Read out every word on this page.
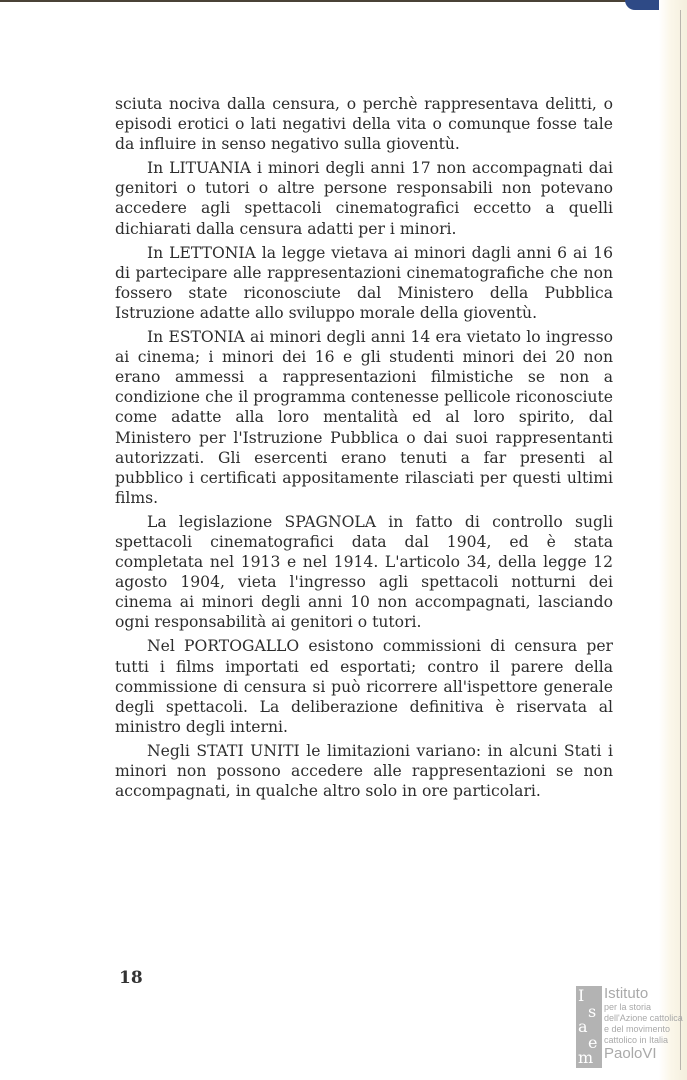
sciuta nociva dalla censura, o perchè rappresentava delitti, o episodi erotici o lati negativi della vita o comunque fosse tale da influire in senso negativo sulla gioventù.

In LITUANIA i minori degli anni 17 non accompagnati dai genitori o tutori o altre persone responsabili non potevano accedere agli spettacoli cinematografici eccetto a quelli dichiarati dalla censura adatti per i minori.

In LETTONIA la legge vietava ai minori dagli anni 6 ai 16 di partecipare alle rappresentazioni cinematografiche che non fossero state riconosciute dal Ministero della Pubblica Istruzione adatte allo sviluppo morale della gioventù.

In ESTONIA ai minori degli anni 14 era vietato lo ingresso ai cinema; i minori dei 16 e gli studenti minori dei 20 non erano ammessi a rappresentazioni filmistiche se non a condizione che il programma contenesse pellicole riconosciute come adatte alla loro mentalità ed al loro spirito, dal Ministero per l'Istruzione Pubblica o dai suoi rappresentanti autorizzati. Gli esercenti erano tenuti a far presenti al pubblico i certificati appositamente rilasciati per questi ultimi films.

La legislazione SPAGNOLA in fatto di controllo sugli spettacoli cinematografici data dal 1904, ed è stata completata nel 1913 e nel 1914. L'articolo 34, della legge 12 agosto 1904, vieta l'ingresso agli spettacoli notturni dei cinema ai minori degli anni 10 non accompagnati, lasciando ogni responsabilità ai genitori o tutori.

Nel PORTOGALLO esistono commissioni di censura per tutti i films importati ed esportati; contro il parere della commissione di censura si può ricorrere all'ispettore generale degli spettacoli. La deliberazione definitiva è riservata al ministro degli interni.

Negli STATI UNITI le limitazioni variano: in alcuni Stati i minori non possono accedere alle rappresentazioni se non accompagnati, in qualche altro solo in ore particolari.

18
I
s
a
e
m
Istituto
per la storia
dell'Azione cattolica
e del movimento
cattolico in Italia
PaoloVI
